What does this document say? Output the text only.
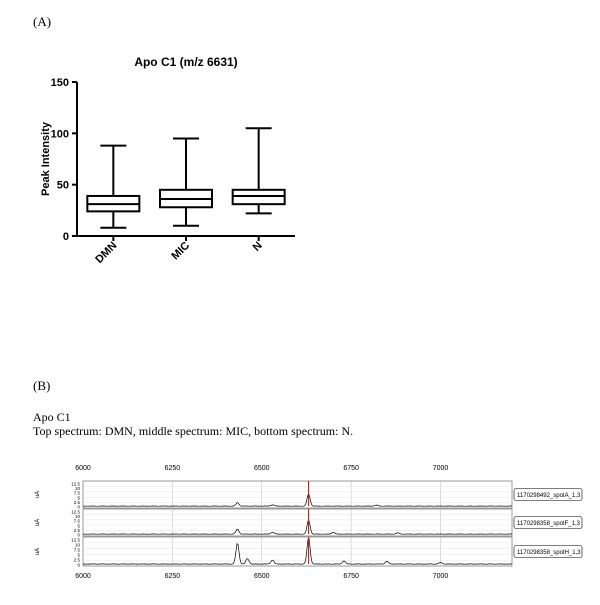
(A)
(B)
Apo C1
Top spectrum: DMN, middle spectrum: MIC, bottom spectrum: N.
Apo C1 (m/z 6631)
Peak Intensity
0
50
100
150
DMN	MIC	N
6000
6000
6250
6250
6500
6500
6750
6750
7000
7000
12.5
10
7.5
5
2.5
0
uA	1170298492_spotA_1,3
12.5
10
7.5
5
2.5
0
uA	1170298358_spotF_1,3
12.5
10
7.5
5
2.5
0
uA	1170298358_spotH_1,3
